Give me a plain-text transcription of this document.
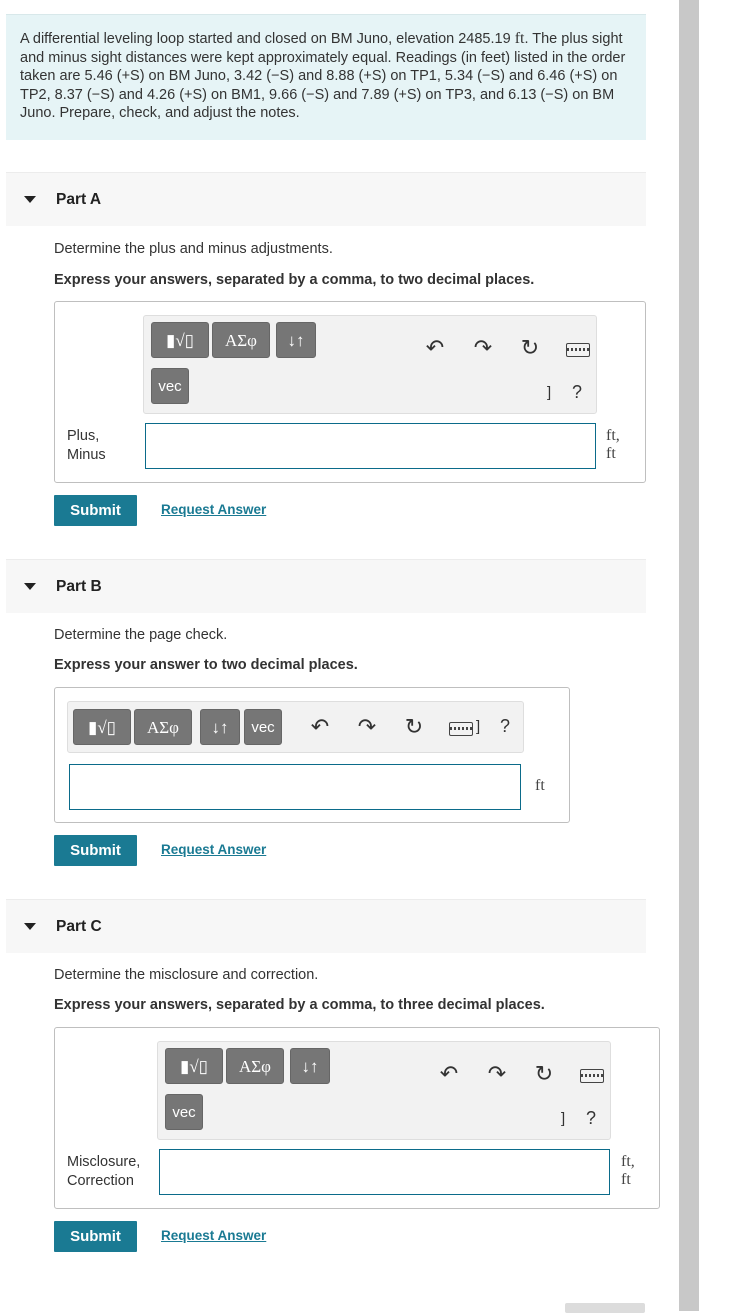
A differential leveling loop started and closed on BM Juno, elevation 2485.19 ft. The plus sight and minus sight distances were kept approximately equal. Readings (in feet) listed in the order taken are 5.46 (+S) on BM Juno, 3.42 (−S) and 8.88 (+S) on TP1, 5.34 (−S) and 6.46 (+S) on TP2, 8.37 (−S) and 4.26 (+S) on BM1, 9.66 (−S) and 7.89 (+S) on TP3, and 6.13 (−S) on BM Juno. Prepare, check, and adjust the notes.
Part A
Determine the plus and minus adjustments.
Express your answers, separated by a comma, to two decimal places.
▮√▯	ΑΣφ	↓↑
vec
↶ ↷ ↻
] ?
Plus,
Minus
ft,
ft
Submit	Request Answer
Part B
Determine the page check.
Express your answer to two decimal places.
▮√▯	ΑΣφ	↓↑	vec	↶ ↷ ↻	] ?
ft
Submit	Request Answer
Part C
Determine the misclosure and correction.
Express your answers, separated by a comma, to three decimal places.
▮√▯	ΑΣφ	↓↑
vec
↶ ↷ ↻
] ?
Misclosure,
Correction
ft,
ft
Submit	Request Answer
